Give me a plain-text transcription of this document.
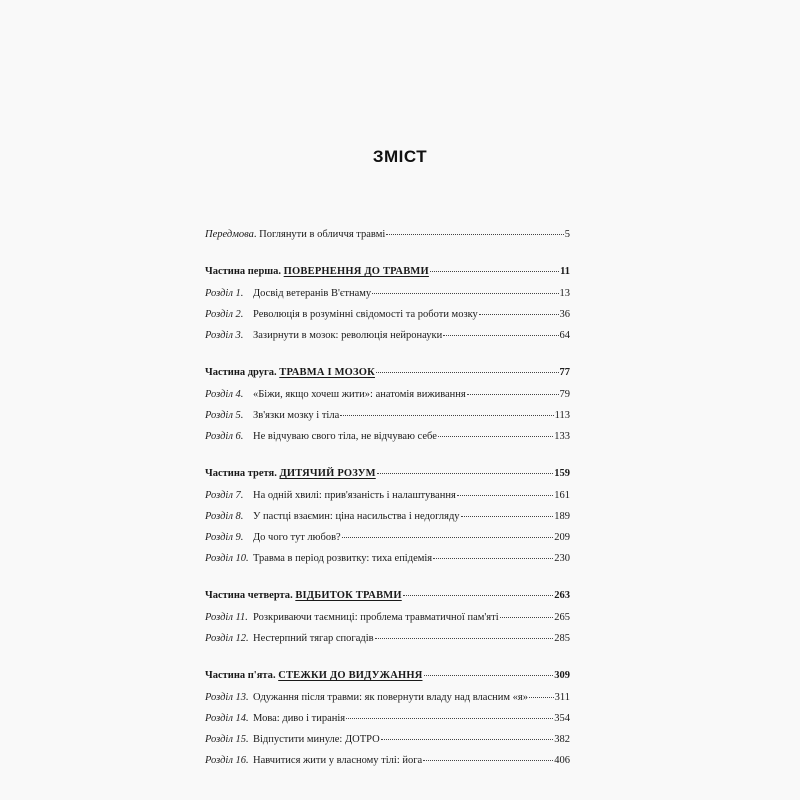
ЗМІСТ
Передмова . Поглянути в обличчя травмі	5
Частина перша . ПОВЕРНЕННЯ ДО ТРАВМИ	11
Розділ 1. Досвід ветеранів В'єтнаму	13
Розділ 2. Революція в розумінні свідомості та роботи мозку	36
Розділ 3. Зазирнути в мозок: революція нейронауки	64
Частина друга . ТРАВМА І МОЗОК	77
Розділ 4. «Біжи, якщо хочеш жити»: анатомія виживання	79
Розділ 5. Зв'язки мозку і тіла	113
Розділ 6. Не відчуваю свого тіла, не відчуваю себе	133
Частина третя . ДИТЯЧИЙ РОЗУМ	159
Розділ 7. На одній хвилі: прив'язаність і налаштування	161
Розділ 8. У пастці взаємин: ціна насильства і недогляду	189
Розділ 9. До чого тут любов?	209
Розділ 10. Травма в період розвитку: тиха епідемія	230
Частина четверта . ВІДБИТОК ТРАВМИ	263
Розділ 11. Розкриваючи таємниці: проблема травматичної пам'яті	265
Розділ 12. Нестерпний тягар спогадів	285
Частина п'ята . СТЕЖКИ ДО ВИДУЖАННЯ	309
Розділ 13. Одужання після травми: як повернути владу над власним «я»	311
Розділ 14. Мова: диво і тиранія	354
Розділ 15. Відпустити минуле: ДОТРО	382
Розділ 16. Навчитися жити у власному тілі: йога	406
